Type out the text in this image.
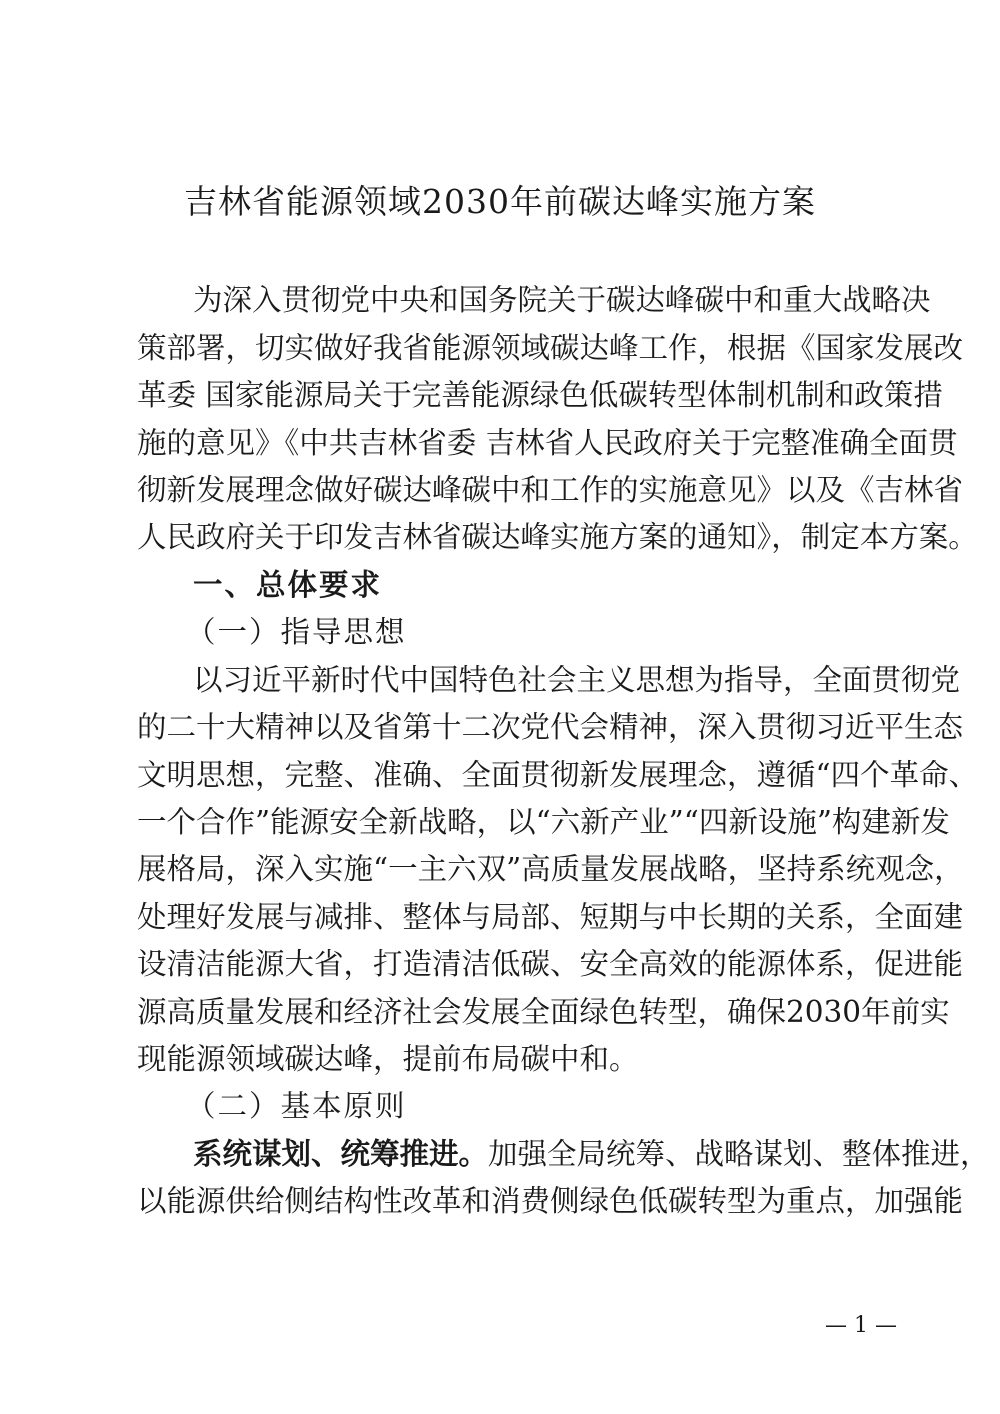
吉林省能源领域2030年前碳达峰实施方案
为深入贯彻党中央和国务院关于碳达峰碳中和重大战略决
策部署，切实做好我省能源领域碳达峰工作，根据《国家发展改
革委 国家能源局关于完善能源绿色低碳转型体制机制和政策措
施的意见》《中共吉林省委 吉林省人民政府关于完整准确全面贯
彻新发展理念做好碳达峰碳中和工作的实施意见》以及《吉林省
人民政府关于印发吉林省碳达峰实施方案的通知》，制定本方案。
一、总体要求
（一）指导思想
以习近平新时代中国特色社会主义思想为指导，全面贯彻党
的二十大精神以及省第十二次党代会精神，深入贯彻习近平生态
文明思想，完整、准确、全面贯彻新发展理念，遵循“四个革命、
一个合作”能源安全新战略，以“六新产业”“四新设施”构建新发
展格局，深入实施“一主六双”高质量发展战略，坚持系统观念，
处理好发展与减排、整体与局部、短期与中长期的关系，全面建
设清洁能源大省，打造清洁低碳、安全高效的能源体系，促进能
源高质量发展和经济社会发展全面绿色转型，确保2030年前实
现能源领域碳达峰，提前布局碳中和。
（二）基本原则
系统谋划、统筹推进。加强全局统筹、战略谋划、整体推进，
以能源供给侧结构性改革和消费侧绿色低碳转型为重点，加强能
— 1 —
